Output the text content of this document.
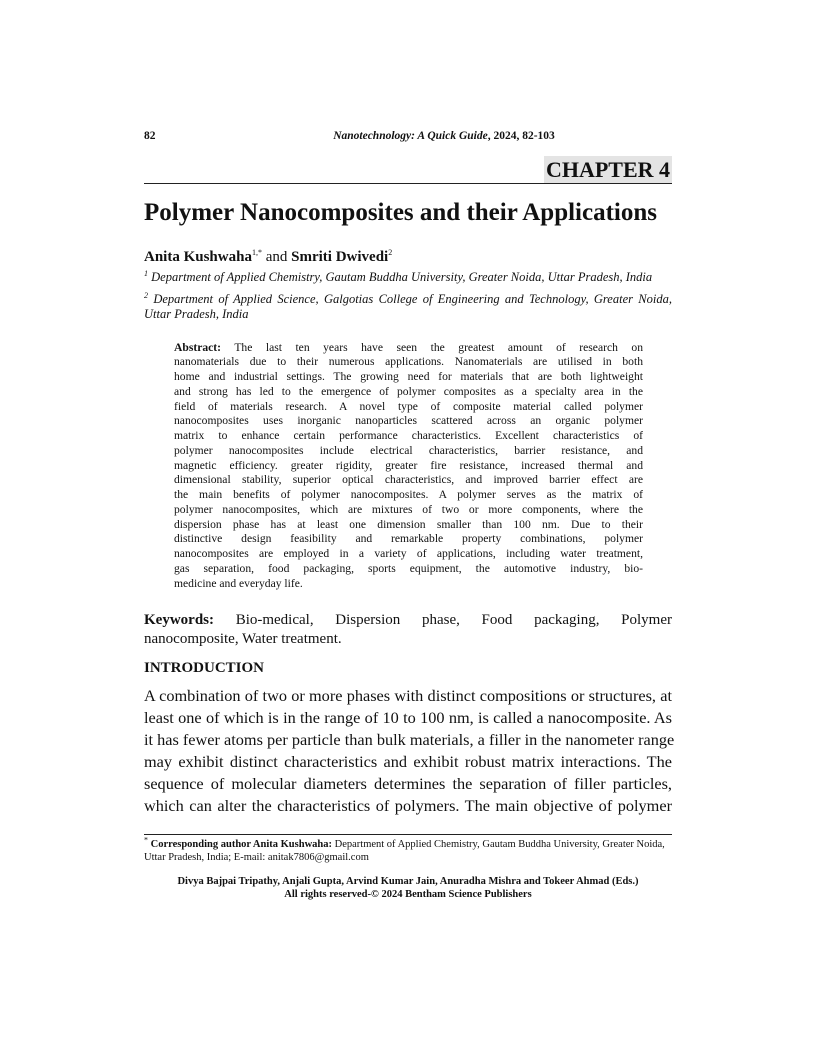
82	Nanotechnology: A Quick Guide, 2024, 82-103
CHAPTER 4
Polymer Nanocomposites and their Applications
Anita Kushwaha$^{1,*}$ and Smriti Dwivedi$^2$
$^1$ Department of Applied Chemistry, Gautam Buddha University, Greater Noida, Uttar Pradesh, India
$^2$ Department of Applied Science, Galgotias College of Engineering and Technology, Greater Noida, Uttar Pradesh, India
Abstract: The last ten years have seen the greatest amount of research on
nanomaterials due to their numerous applications. Nanomaterials are utilised in both
home and industrial settings. The growing need for materials that are both lightweight
and strong has led to the emergence of polymer composites as a specialty area in the
field of materials research. A novel type of composite material called polymer
nanocomposites uses inorganic nanoparticles scattered across an organic polymer
matrix to enhance certain performance characteristics. Excellent characteristics of
polymer nanocomposites include electrical characteristics, barrier resistance, and
magnetic efficiency. greater rigidity, greater fire resistance, increased thermal and
dimensional stability, superior optical characteristics, and improved barrier effect are
the main benefits of polymer nanocomposites. A polymer serves as the matrix of
polymer nanocomposites, which are mixtures of two or more components, where the
dispersion phase has at least one dimension smaller than 100 nm. Due to their
distinctive design feasibility and remarkable property combinations, polymer
nanocomposites are employed in a variety of applications, including water treatment,
gas separation, food packaging, sports equipment, the automotive industry, bio-
medicine and everyday life.
Keywords: Bio-medical, Dispersion phase, Food packaging, Polymer
nanocomposite, Water treatment.
INTRODUCTION
A combination of two or more phases with distinct compositions or structures, at
least one of which is in the range of 10 to 100 nm, is called a nanocomposite. As
it has fewer atoms per particle than bulk materials, a filler in the nanometer range
may exhibit distinct characteristics and exhibit robust matrix interactions. The
sequence of molecular diameters determines the separation of filler particles,
which can alter the characteristics of polymers. The main objective of polymer
* Corresponding author Anita Kushwaha: Department of Applied Chemistry, Gautam Buddha University, Greater Noida, Uttar Pradesh, India; E-mail: anitak7806@gmail.com
Divya Bajpai Tripathy, Anjali Gupta, Arvind Kumar Jain, Anuradha Mishra and Tokeer Ahmad (Eds.)
All rights reserved-© 2024 Bentham Science Publishers
